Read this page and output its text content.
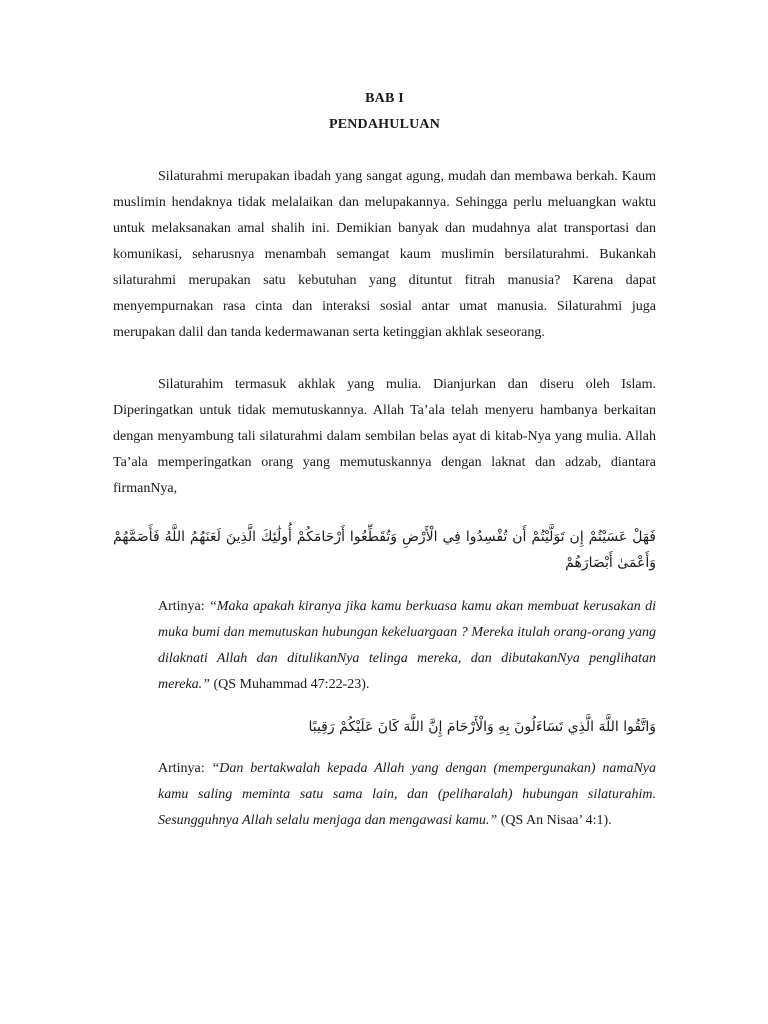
BAB I

PENDAHULUAN

Silaturahmi merupakan ibadah yang sangat agung, mudah dan membawa berkah. Kaum muslimin hendaknya tidak melalaikan dan melupakannya. Sehingga perlu meluangkan waktu untuk melaksanakan amal shalih ini. Demikian banyak dan mudahnya alat transportasi dan komunikasi, seharusnya menambah semangat kaum muslimin bersilaturahmi. Bukankah silaturahmi merupakan satu kebutuhan yang dituntut fitrah manusia? Karena dapat menyempurnakan rasa cinta dan interaksi sosial antar umat manusia. Silaturahmi juga merupakan dalil dan tanda kedermawanan serta ketinggian akhlak seseorang.

Silaturahim termasuk akhlak yang mulia. Dianjurkan dan diseru oleh Islam. Diperingatkan untuk tidak memutuskannya. Allah Ta’ala telah menyeru hambanya berkaitan dengan menyambung tali silaturahmi dalam sembilan belas ayat di kitab-Nya yang mulia. Allah Ta’ala memperingatkan orang yang memutuskannya dengan laknat dan adzab, diantara firmanNya,

فَهَلْ عَسَيْتُمْ إِن تَوَلَّيْتُمْ أَن تُفْسِدُوا فِي الْأَرْضِ وَتُقَطِّعُوا أَرْحَامَكُمْ أُولَٰئِكَ الَّذِينَ لَعَنَهُمُ اللَّهُ فَأَصَمَّهُمْ وَأَعْمَىٰ أَبْصَارَهُمْ

Artinya: “Maka apakah kiranya jika kamu berkuasa kamu akan membuat kerusakan di muka bumi dan memutuskan hubungan kekeluargaan ? Mereka itulah orang-orang yang dilaknati Allah dan ditulikanNya telinga mereka, dan dibutakanNya penglihatan mereka.” (QS Muhammad 47:22-23).

وَاتَّقُوا اللَّهَ الَّذِي تَسَاءَلُونَ بِهِ وَالْأَرْحَامَ إِنَّ اللَّهَ كَانَ عَلَيْكُمْ رَقِيبًا

Artinya: “Dan bertakwalah kepada Allah yang dengan (mempergunakan) namaNya kamu saling meminta satu sama lain, dan (peliharalah) hubungan silaturahim. Sesungguhnya Allah selalu menjaga dan mengawasi kamu.” (QS An Nisaa’ 4:1).
